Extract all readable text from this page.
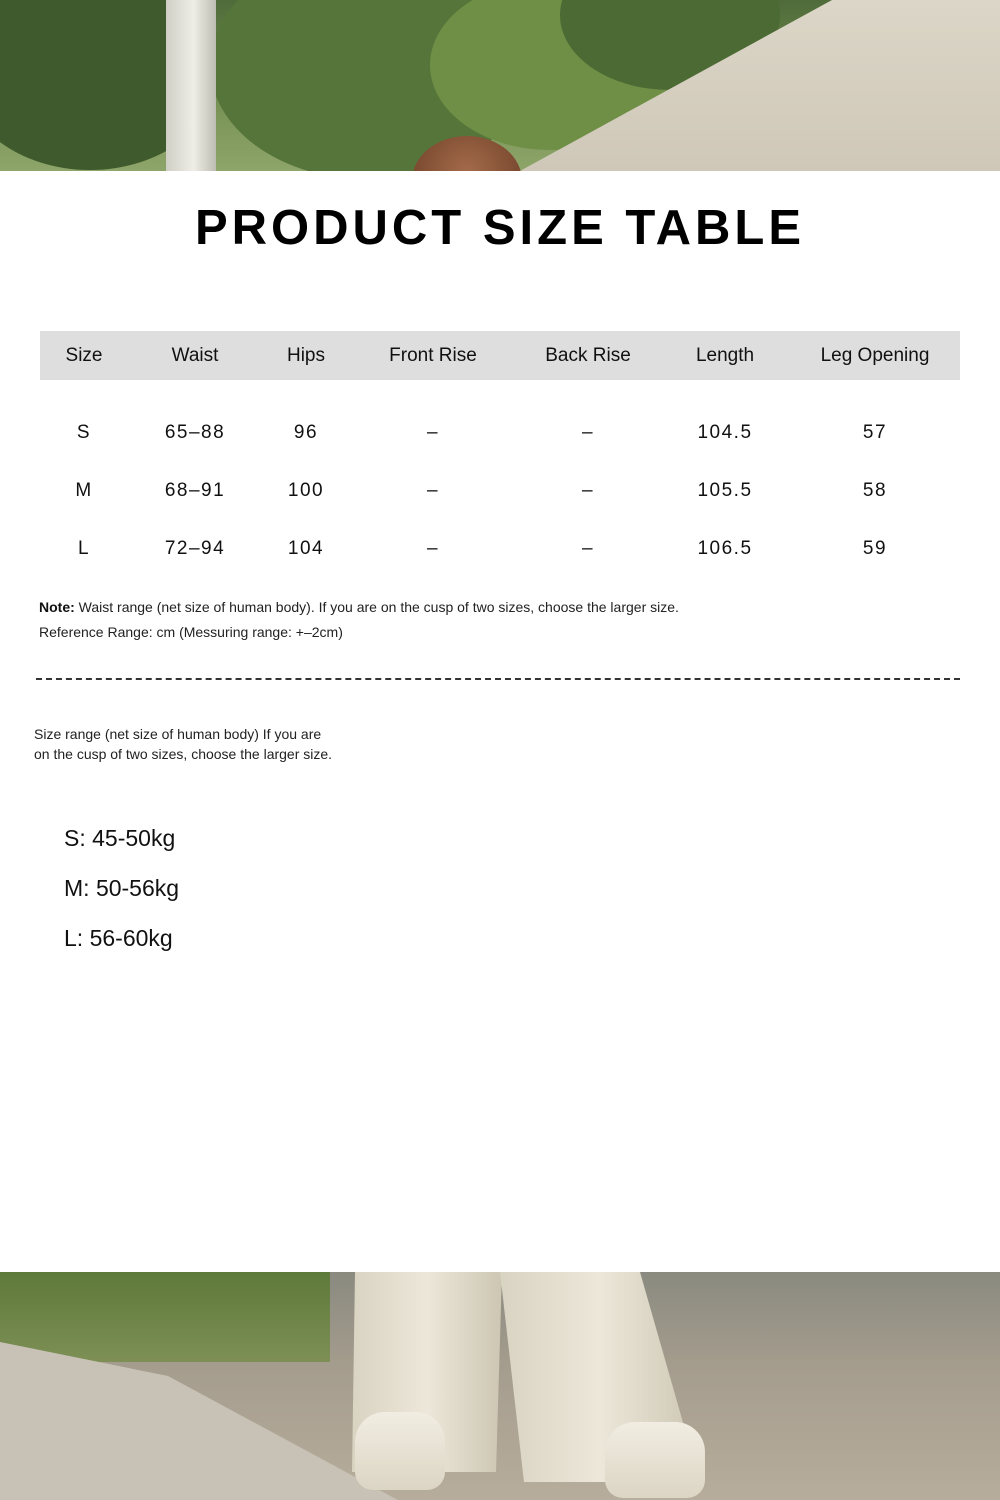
PRODUCT SIZE TABLE
Size	Waist	Hips	Front Rise	Back Rise	Length	Leg Opening
S	65–88	96	–	–	104.5	57
M	68–91	100	–	–	105.5	58
L	72–94	104	–	–	106.5	59
Note: Waist range (net size of human body). If you are on the cusp of two sizes, choose the larger size.
Reference Range: cm (Messuring range: +–2cm)
Size range (net size of human body) If you are
on the cusp of two sizes, choose the larger size.
S: 45-50kg
M: 50-56kg
L: 56-60kg
